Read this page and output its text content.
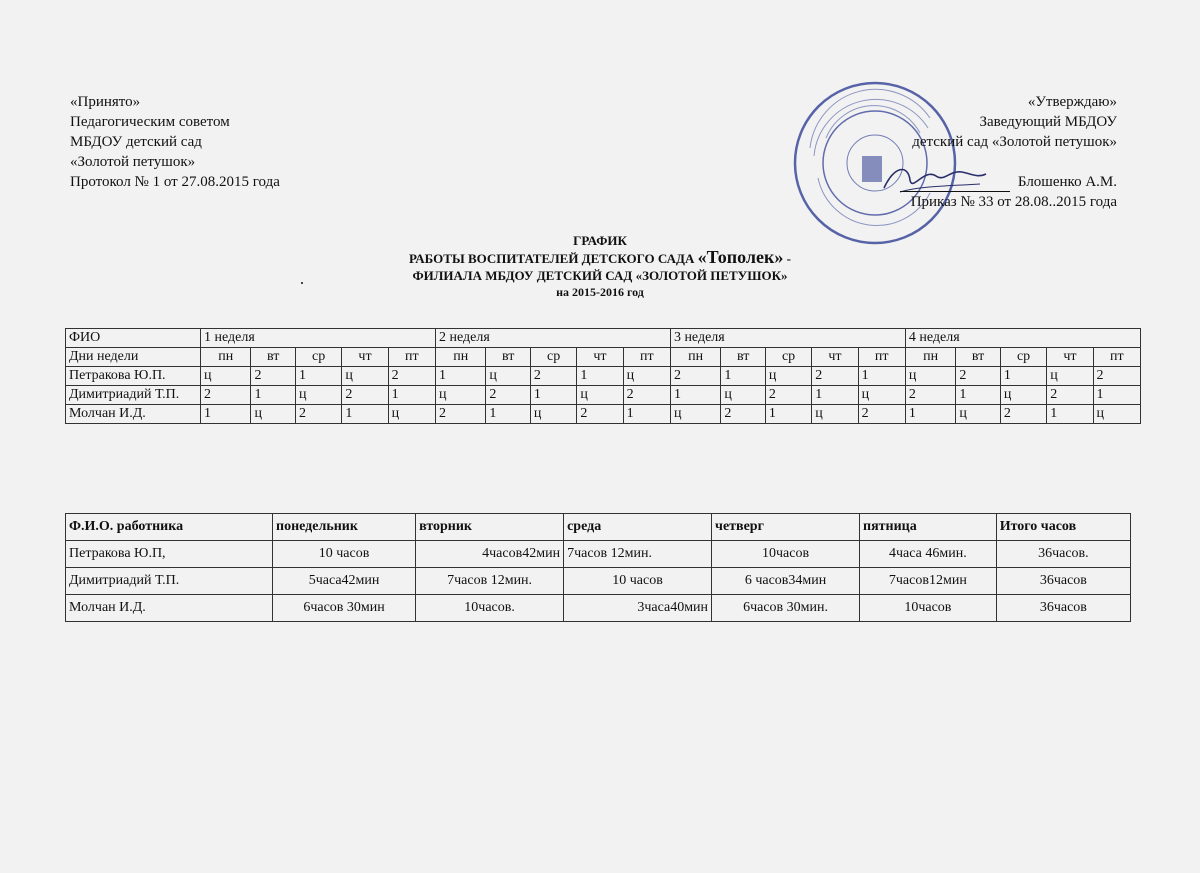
«Принято»
Педагогическим советом
МБДОУ детский сад
«Золотой петушок»
Протокол № 1 от 27.08.2015 года
«Утверждаю»
Заведующий МБДОУ
детский сад «Золотой петушок»
Блошенко А.М.
Приказ № 33 от 28.08..2015 года
ГРАФИК
РАБОТЫ ВОСПИТАТЕЛЕЙ ДЕТСКОГО САДА «Тополек» -
ФИЛИАЛА МБДОУ ДЕТСКИЙ САД «ЗОЛОТОЙ ПЕТУШОК»
на 2015-2016 год
ФИО	1 неделя					2 неделя					3 неделя					4 неделя				
Дни недели	пн	вт	ср	чт	пт	пн	вт	ср	чт	пт	пн	вт	ср	чт	пт	пн	вт	ср	чт	пт
Петракова Ю.П.	ц	2	1	ц	2	1	ц	2	1	ц	2	1	ц	2	1	ц	2	1	ц	2
Димитриадий Т.П.	2	1	ц	2	1	ц	2	1	ц	2	1	ц	2	1	ц	2	1	ц	2	1
Молчан И.Д.	1	ц	2	1	ц	2	1	ц	2	1	ц	2	1	ц	2	1	ц	2	1	ц
Ф.И.О. работника	понедельник	вторник	среда	четверг	пятница	Итого часов
Петракова Ю.П,	10 часов	4часов42мин	7часов 12мин.	10часов	4часа 46мин.	36часов.
Димитриадий Т.П.	5часа42мин	7часов 12мин.	10 часов	6 часов34мин	7часов12мин	36часов
Молчан И.Д.	6часов 30мин	10часов.	3часа40мин	6часов 30мин.	10часов	36часов
